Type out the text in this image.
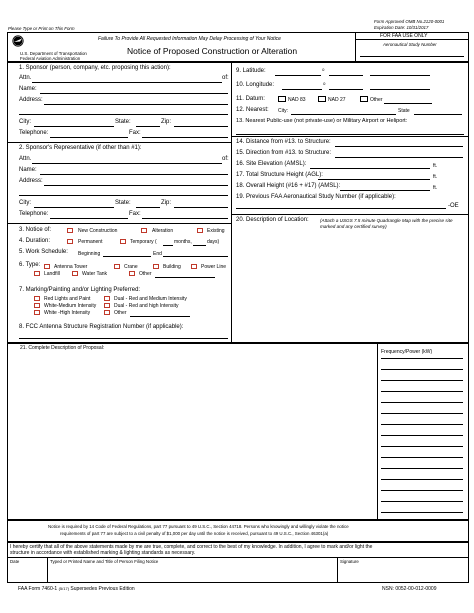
Please Type or Print on This Form
Form Approved OMB No.2120-0001
Expiration Date: 10/31/2017
U.S. Department of Transportation
Federal Aviation Administration
Failure To Provide All Requested Information May Delay Processing of Your Notice
Notice of Proposed Construction or Alteration
FOR FAA USE ONLY
Aeronautical Study Number
1. Sponsor (person, company, etc. proposing this action):
Attn.	of:
Name:
Address:
City:	State:	Zip:
Telephone:	Fax:
2. Sponsor's Representative (if other than #1):
Attn.	of:
Name:
Address:
City:	State:	Zip:
Telephone:	Fax:
3. Notice of:	New Construction	Alteration	Existing
4. Duration:	Permanent	Temporary (	months,	days)
5. Work Schedule: Beginning	End
6. Type:	Antenna Tower	Crane	Building	Power Line
Landfill	Water Tank	Other
7. Marking/Painting and/or Lighting Preferred:
Red Lights and Paint	Dual - Red and Medium Intensity
White-Medium Intensity	Dual - Red and high Intensity
White -High Intensity	Other
8. FCC Antenna Structure Registration Number (if applicable):
9. Latitude:	o
10. Longitude:	o
11. Datum:	NAD 83	NAD 27	Other
12. Nearest: City:	State
13. Nearest Public-use (not private-use) or Military Airport or Heliport:
14. Distance from #13. to Structure:
15. Direction from #13. to Structure:
16. Site Elevation (AMSL):	ft.
17. Total Structure Height (AGL):	ft.
18. Overall Height (#16 + #17) (AMSL):	ft.
19. Previous FAA Aeronautical Study Number (if applicable):
-OE
20. Description of Location: (Attach a USGS 7.5 minute Quadrangle Map with the precise site marked and any certified survey)
21. Complete Description of Proposal:
Frequency/Power (kW)
Notice is required by 14 Code of Federal Regulations, part 77 pursuant to 49 U.S.C., Section 44718. Persons who knowingly and willingly violate the notice
requirements of part 77 are subject to a civil penalty of $1,000 per day until the notice is received, pursuant to 49 U.S.C., Section 46301(a)
I hereby certify that all of the above statements made by me are true, complete, and correct to the best of my knowledge. In addition, I agree to mark and/or light the
structure in accordance with established marking & lighting standards as necessary.
Date	Typed or Printed Name and Title of Person Filing Notice	Signature
FAA Form 7460-1 (5/17) Supersedes Previous Edition	NSN: 0052-00-012-0009
